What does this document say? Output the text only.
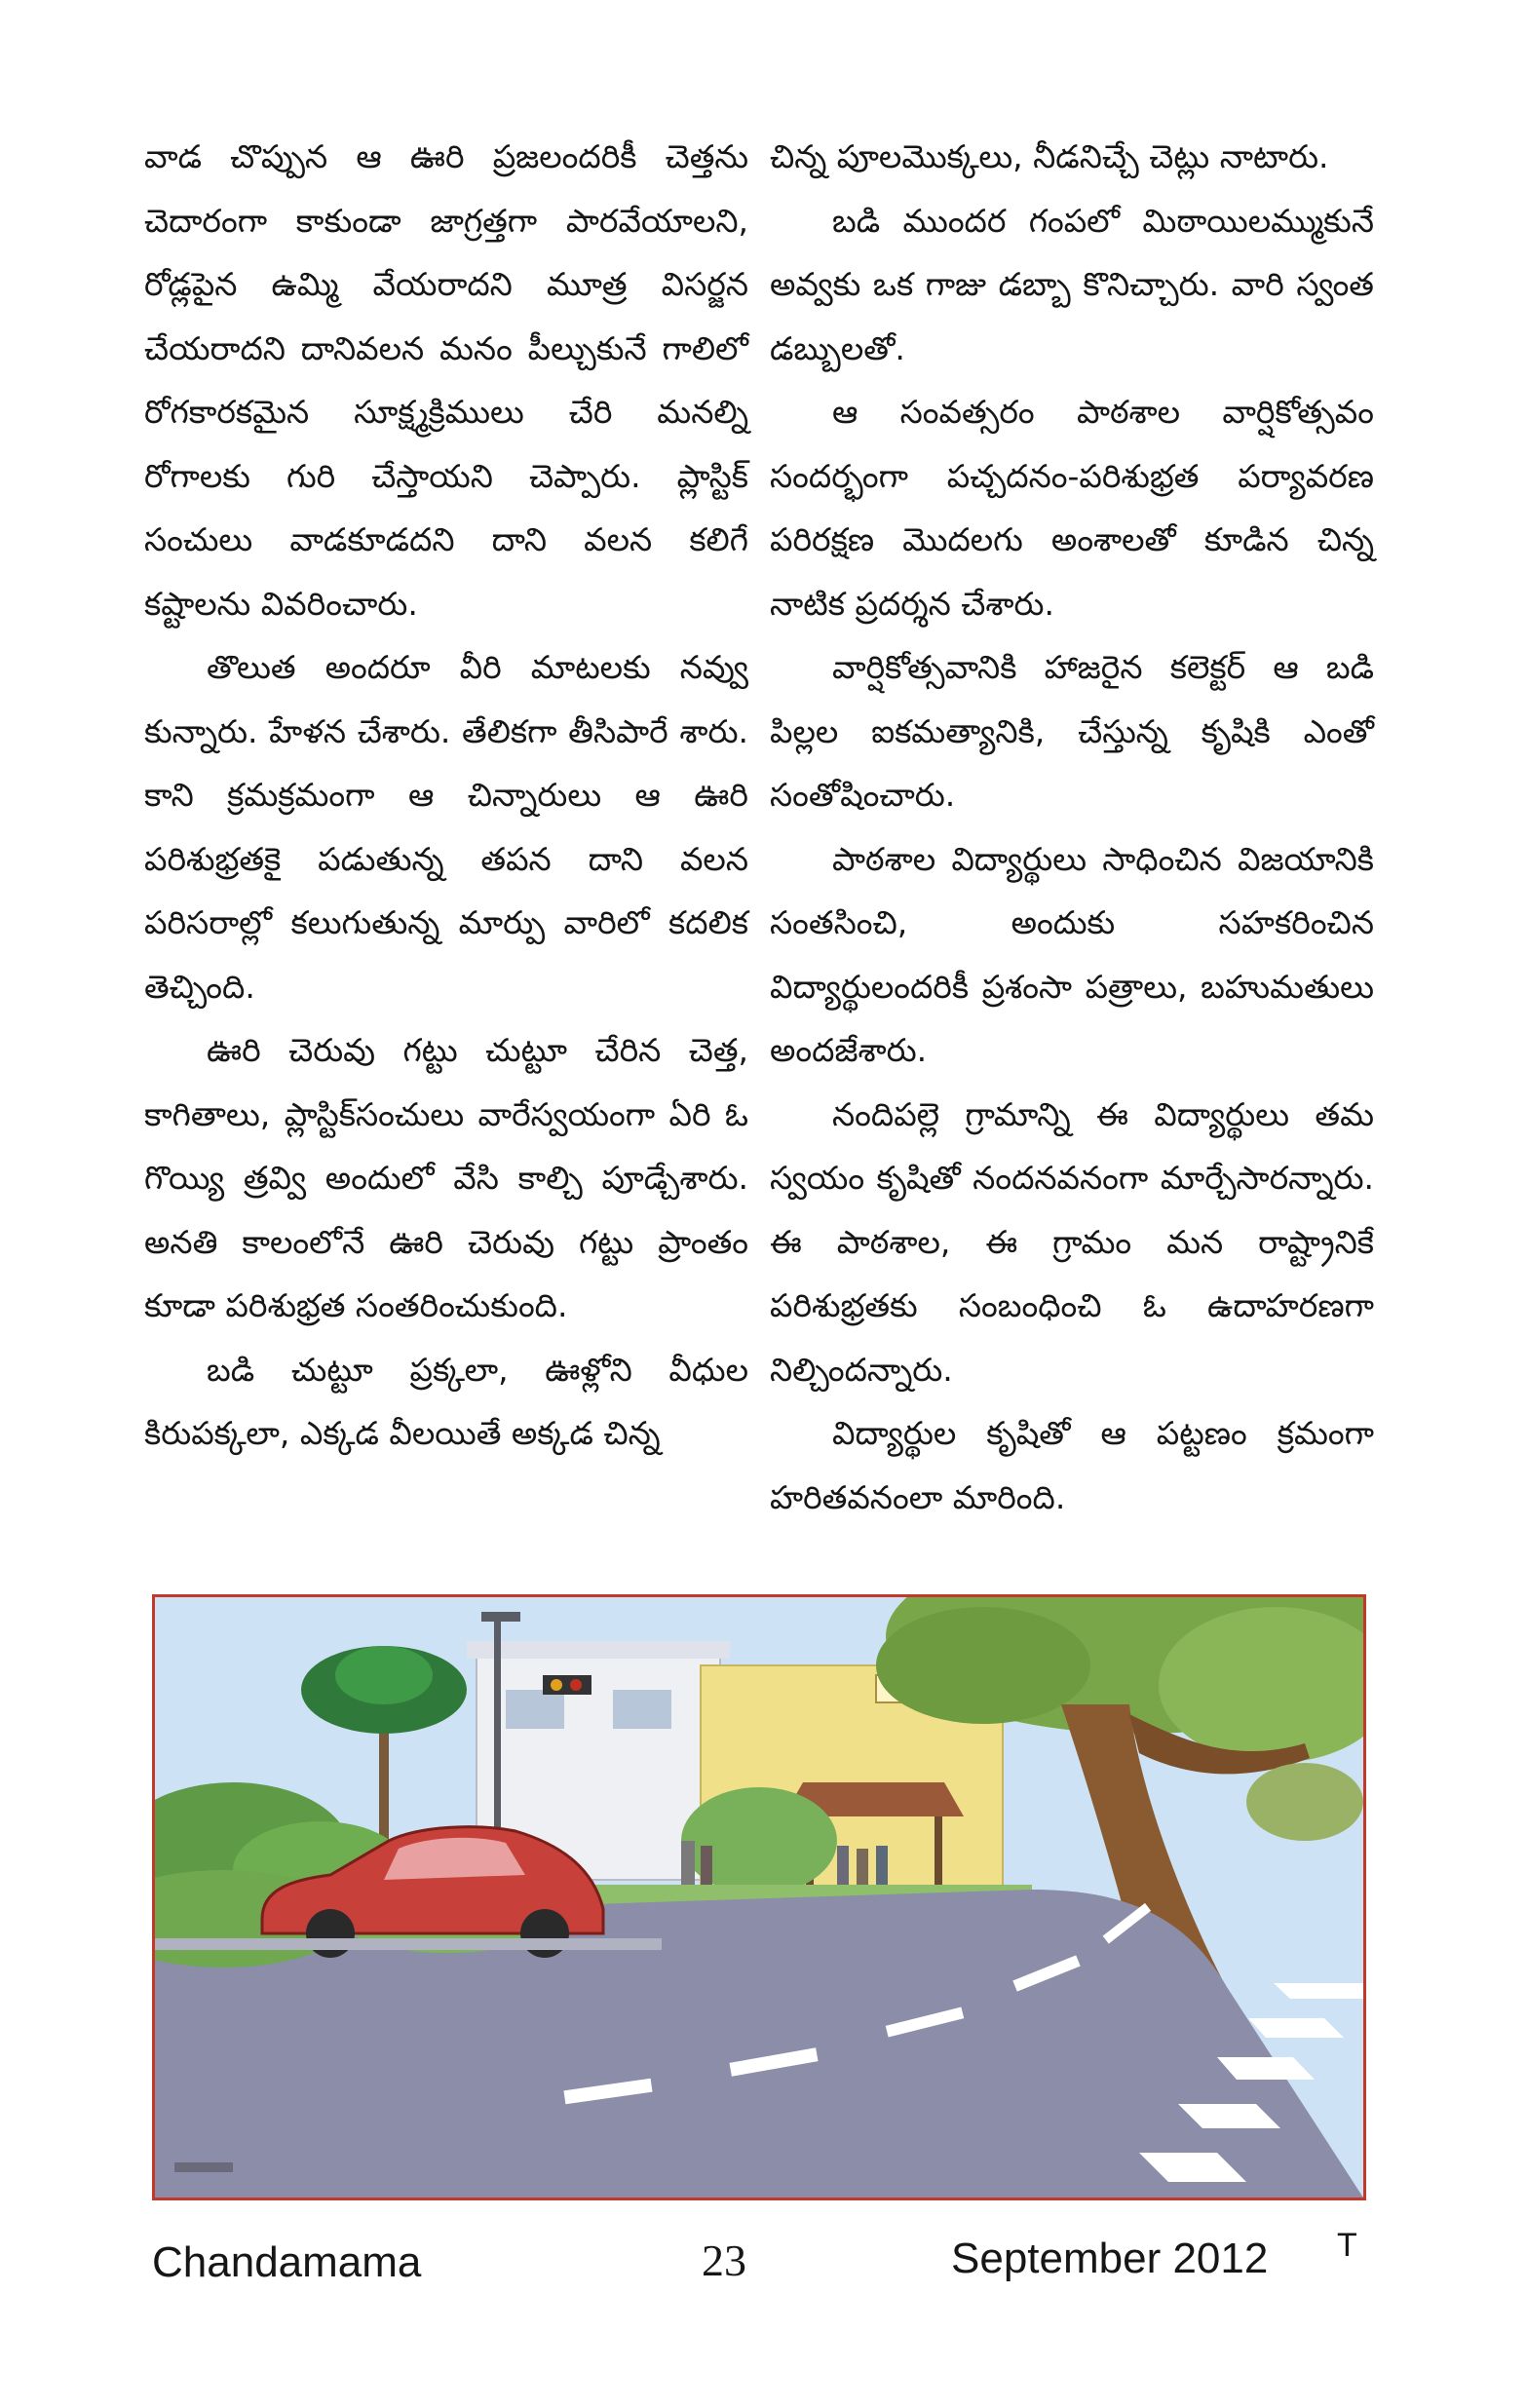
వాడ చొప్పున ఆ ఊరి ప్రజలందరికీ చెత్తను చెదారంగా కాకుండా జాగ్రత్తగా పారవేయాలని, రోడ్లపైన ఉమ్మి వేయరాదని మూత్ర విసర్జన చేయరాదని దానివలన మనం పీల్చుకునే గాలిలో రోగకారకమైన సూక్ష్మక్రిములు చేరి మనల్ని రోగాలకు గురి చేస్తాయని చెప్పారు. ప్లాస్టిక్ సంచులు వాడకూడదని దాని వలన కలిగే కష్టాలను వివరించారు.

తొలుత అందరూ వీరి మాటలకు నవ్వు కున్నారు. హేళన చేశారు. తేలికగా తీసిపారే శారు. కాని క్రమక్రమంగా ఆ చిన్నారులు ఆ ఊరి పరిశుభ్రతకై పడుతున్న తపన దాని వలన పరిసరాల్లో కలుగుతున్న మార్పు వారిలో కదలిక తెచ్చింది.

ఊరి చెరువు గట్టు చుట్టూ చేరిన చెత్త, కాగితాలు, ప్లాస్టిక్‌సంచులు వారేస్వయంగా ఏరి ఓ గొయ్యి త్రవ్వి అందులో వేసి కాల్చి పూడ్చేశారు. అనతి కాలంలోనే ఊరి చెరువు గట్టు ప్రాంతం కూడా పరిశుభ్రత సంతరించుకుంది.

బడి చుట్టూ ప్రక్కలా, ఊళ్లోని వీధుల కిరుపక్కలా, ఎక్కడ వీలయితే అక్కడ చిన్న

చిన్న పూలమొక్కలు, నీడనిచ్చే చెట్లు నాటారు.

బడి ముందర గంపలో మిఠాయిలమ్ముకునే అవ్వకు ఒక గాజు డబ్బా కొనిచ్చారు. వారి స్వంత డబ్బులతో.

ఆ సంవత్సరం పాఠశాల వార్షికోత్సవం సందర్భంగా పచ్చదనం-పరిశుభ్రత పర్యావరణ పరిరక్షణ మొదలగు అంశాలతో కూడిన చిన్న నాటిక ప్రదర్శన చేశారు.

వార్షికోత్సవానికి హాజరైన కలెక్టర్ ఆ బడి పిల్లల ఐకమత్యానికి, చేస్తున్న కృషికి ఎంతో సంతోషించారు.

పాఠశాల విద్యార్థులు సాధించిన విజయానికి సంతసించి, అందుకు సహకరించిన విద్యార్థులందరికీ ప్రశంసా పత్రాలు, బహుమతులు అందజేశారు.

నందిపల్లె గ్రామాన్ని ఈ విద్యార్థులు తమ స్వయం కృషితో నందనవనంగా మార్చేసారన్నారు. ఈ పాఠశాల, ఈ గ్రామం మన రాష్ట్రానికే పరిశుభ్రతకు సంబంధించి ఓ ఉదాహరణగా నిల్చిందన్నారు.

విద్యార్థుల కృషితో ఆ పట్టణం క్రమంగా హరితవనంలా మారింది.

Chandamama	23	September 2012 T
